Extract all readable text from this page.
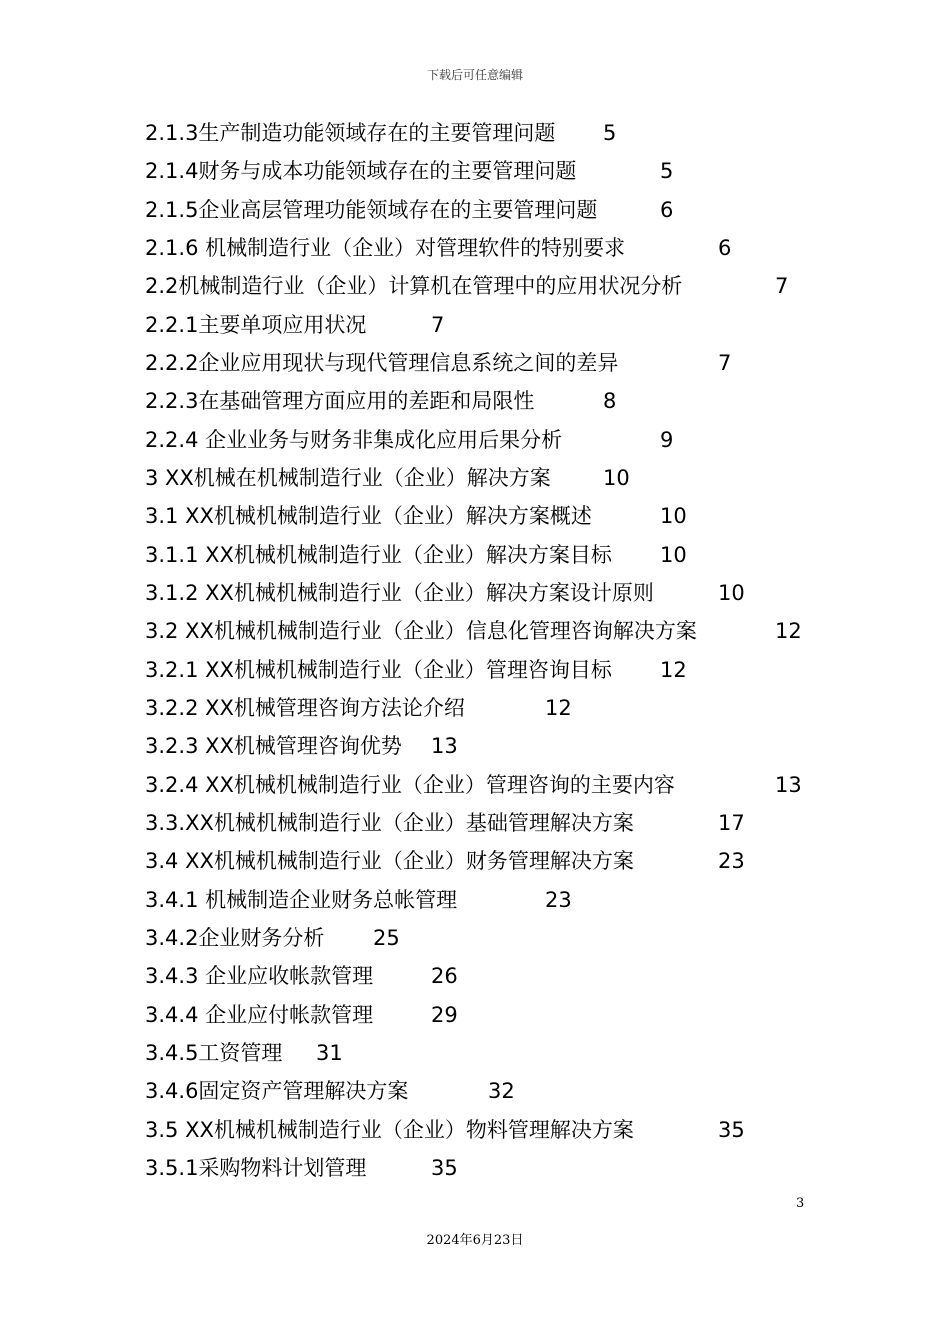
下载后可任意编辑
2.1.3生产制造功能领域存在的主要管理问题 5
2.1.4财务与成本功能领域存在的主要管理问题	5
2.1.5企业高层管理功能领域存在的主要管理问题	6
2.1.6 机械制造行业（企业）对管理软件的特别要求	6
2.2机械制造行业（企业）计算机在管理中的应用状况分析	7
2.2.1主要单项应用状况	7
2.2.2企业应用现状与现代管理信息系统之间的差异	7
2.2.3在基础管理方面应用的差距和局限性	8
2.2.4 企业业务与财务非集成化应用后果分析	9
3 XX机械在机械制造行业（企业）解决方案 10
3.1 XX机械机械制造行业（企业）解决方案概述	10
3.1.1 XX机械机械制造行业（企业）解决方案目标 10
3.1.2 XX机械机械制造行业（企业）解决方案设计原则	10
3.2 XX机械机械制造行业（企业）信息化管理咨询解决方案	12
3.2.1 XX机械机械制造行业（企业）管理咨询目标 12
3.2.2 XX机械管理咨询方法论介绍	12
3.2.3 XX机械管理咨询优势 13
3.2.4 XX机械机械制造行业（企业）管理咨询的主要内容	13
3.3.XX机械机械制造行业（企业）基础管理解决方案	17
3.4 XX机械机械制造行业（企业）财务管理解决方案	23
3.4.1 机械制造企业财务总帐管理	23
3.4.2企业财务分析 25
3.4.3 企业应收帐款管理	26
3.4.4 企业应付帐款管理	29
3.4.5工资管理 31
3.4.6固定资产管理解决方案	32
3.5 XX机械机械制造行业（企业）物料管理解决方案	35
3.5.1采购物料计划管理	35
3
2024年6月23日
